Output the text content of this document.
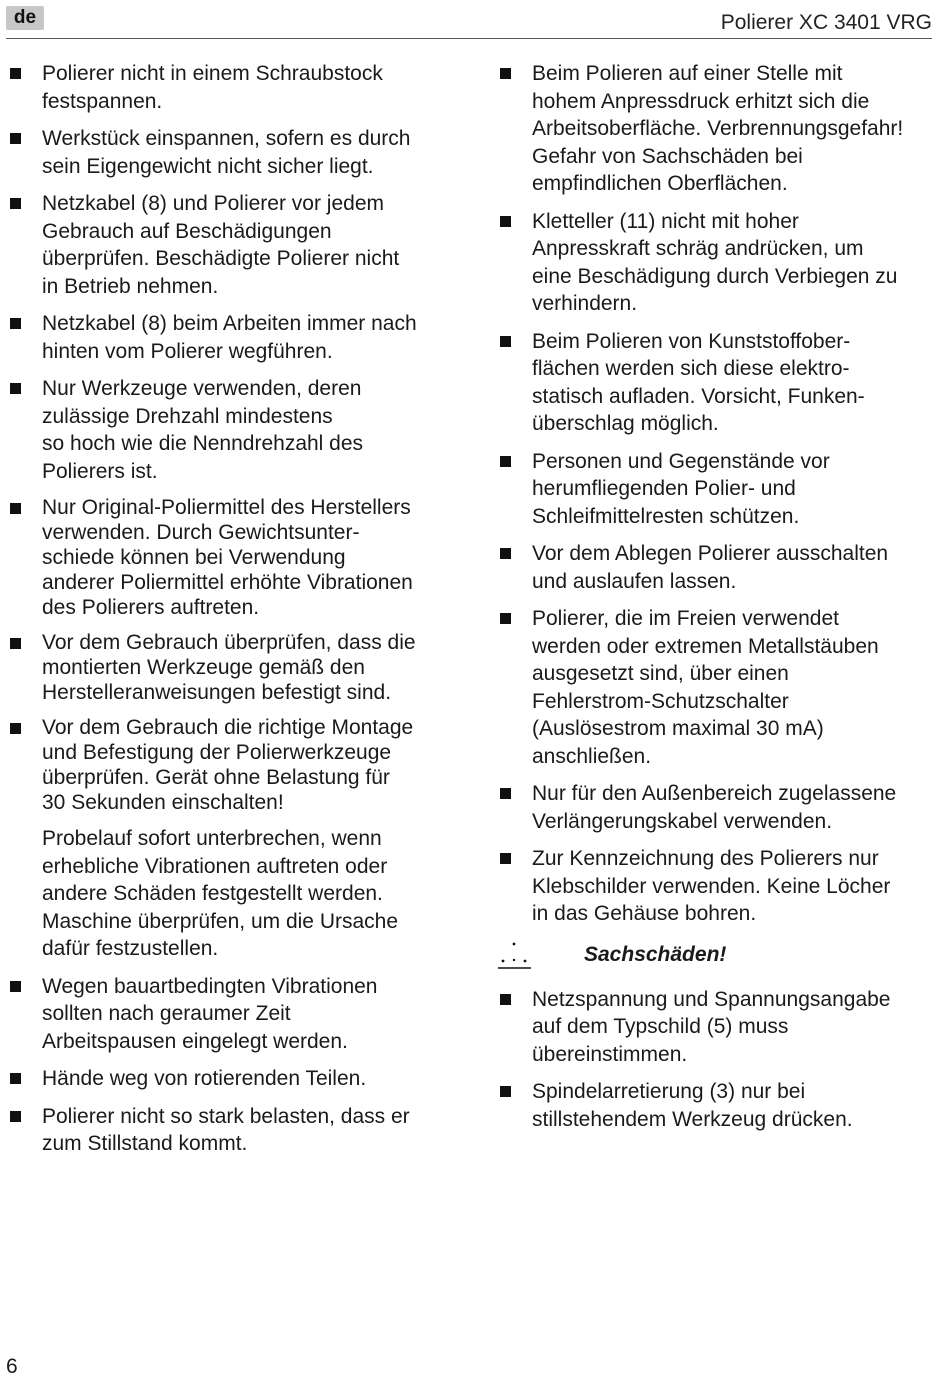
de	Polierer XC 3401 VRG
Polierer nicht in einem Schraubstock
festspannen.
Werkstück einspannen, sofern es durch
sein Eigengewicht nicht sicher liegt.
Netzkabel (8) und Polierer vor jedem
Gebrauch auf Beschädigungen
überprüfen. Beschädigte Polierer nicht
in Betrieb nehmen.
Netzkabel (8) beim Arbeiten immer nach
hinten vom Polierer wegführen.
Nur Werkzeuge verwenden, deren
zulässige Drehzahl mindestens
so hoch wie die Nenndrehzahl des
Polierers ist.
Nur Original-Poliermittel des Herstellers
verwenden. Durch Gewichtsunter-
schiede können bei Verwendung
anderer Poliermittel erhöhte Vibrationen
des Polierers auftreten.
Vor dem Gebrauch überprüfen, dass die
montierten Werkzeuge gemäß den
Herstelleranweisungen befestigt sind.
Vor dem Gebrauch die richtige Montage
und Befestigung der Polierwerkzeuge
überprüfen. Gerät ohne Belastung für
30 Sekunden einschalten!
Probelauf sofort unterbrechen, wenn
erhebliche Vibrationen auftreten oder
andere Schäden festgestellt werden.
Maschine überprüfen, um die Ursache
dafür festzustellen.
Wegen bauartbedingten Vibrationen
sollten nach geraumer Zeit
Arbeitspausen eingelegt werden.
Hände weg von rotierenden Teilen.
Polierer nicht so stark belasten, dass er
zum Stillstand kommt.
Beim Polieren auf einer Stelle mit
hohem Anpressdruck erhitzt sich die
Arbeitsoberfläche. Verbrennungsgefahr!
Gefahr von Sachschäden bei
empfindlichen Oberflächen.
Kletteller (11) nicht mit hoher
Anpresskraft schräg andrücken, um
eine Beschädigung durch Verbiegen zu
verhindern.
Beim Polieren von Kunststoffober-
flächen werden sich diese elektro-
statisch aufladen. Vorsicht, Funken-
überschlag möglich.
Personen und Gegenstände vor
herumfliegenden Polier- und
Schleifmittelresten schützen.
Vor dem Ablegen Polierer ausschalten
und auslaufen lassen.
Polierer, die im Freien verwendet
werden oder extremen Metallstäuben
ausgesetzt sind, über einen
Fehlerstrom-Schutzschalter
(Auslösestrom maximal 30 mA)
anschließen.
Nur für den Außenbereich zugelassene
Verlängerungskabel verwenden.
Zur Kennzeichnung des Polierers nur
Klebschilder verwenden. Keine Löcher
in das Gehäuse bohren.
Sachschäden!
Netzspannung und Spannungsangabe
auf dem Typschild (5) muss
übereinstimmen.
Spindelarretierung (3) nur bei
stillstehendem Werkzeug drücken.
6
